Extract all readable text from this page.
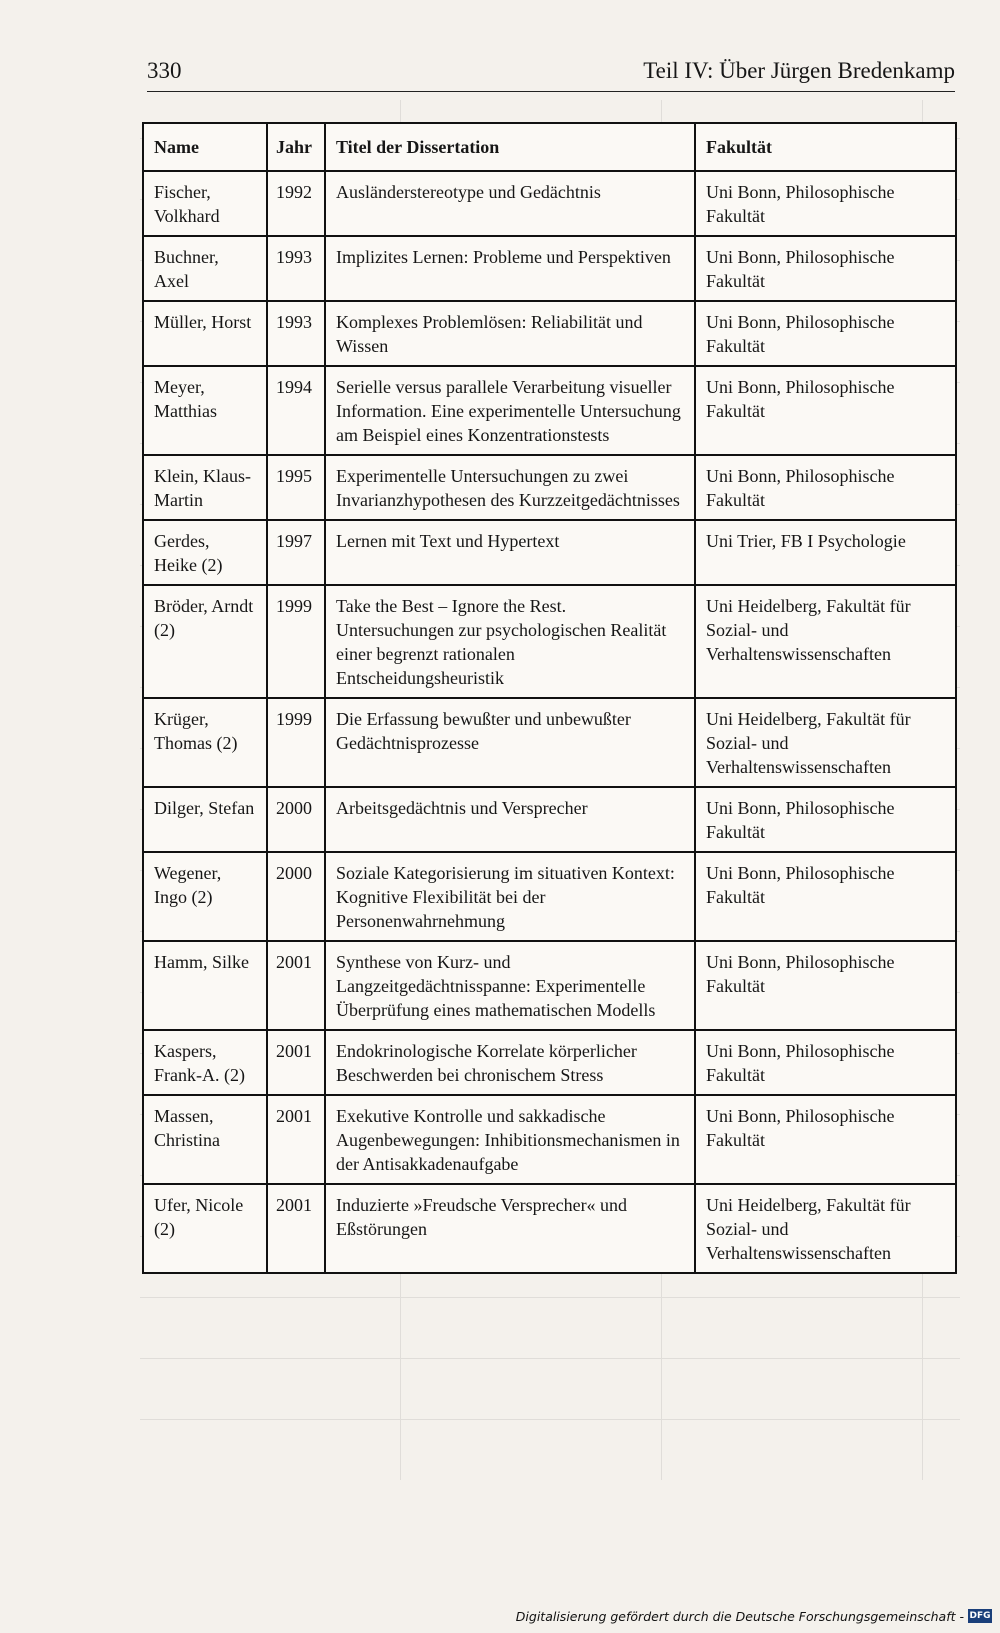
330	Teil IV: Über Jürgen Bredenkamp
Name	Jahr	Titel der Dissertation	Fakultät
Fischer, Volkhard	1992	Ausländerstereotype und Gedächtnis	Uni Bonn, Philosophische Fakultät
Buchner, Axel	1993	Implizites Lernen: Probleme und Perspektiven	Uni Bonn, Philosophische Fakultät
Müller, Horst	1993	Komplexes Problemlösen: Reliabilität und Wissen	Uni Bonn, Philosophische Fakultät
Meyer, Matthias	1994	Serielle versus parallele Verarbeitung visueller Information. Eine experimentelle Untersuchung am Beispiel eines Konzentrationstests	Uni Bonn, Philosophische Fakultät
Klein, Klaus-Martin	1995	Experimentelle Untersuchungen zu zwei Invarianzhypothesen des Kurzzeitgedächtnisses	Uni Bonn, Philosophische Fakultät
Gerdes, Heike (2)	1997	Lernen mit Text und Hypertext	Uni Trier, FB I Psychologie
Bröder, Arndt (2)	1999	Take the Best – Ignore the Rest. Untersuchungen zur psychologischen Realität einer begrenzt rationalen Entscheidungsheuristik	Uni Heidelberg, Fakultät für Sozial- und Verhaltenswissenschaften
Krüger, Thomas (2)	1999	Die Erfassung bewußter und unbewußter Gedächtnisprozesse	Uni Heidelberg, Fakultät für Sozial- und Verhaltenswissenschaften
Dilger, Stefan	2000	Arbeitsgedächtnis und Versprecher	Uni Bonn, Philosophische Fakultät
Wegener, Ingo (2)	2000	Soziale Kategorisierung im situativen Kontext: Kognitive Flexibilität bei der Personenwahrnehmung	Uni Bonn, Philosophische Fakultät
Hamm, Silke	2001	Synthese von Kurz- und Langzeitgedächtnisspanne: Experimentelle Überprüfung eines mathematischen Modells	Uni Bonn, Philosophische Fakultät
Kaspers, Frank-A. (2)	2001	Endokrinologische Korrelate körperlicher Beschwerden bei chronischem Stress	Uni Bonn, Philosophische Fakultät
Massen, Christina	2001	Exekutive Kontrolle und sakkadische Augenbewegungen: Inhibitionsmechanismen in der Antisakkadenaufgabe	Uni Bonn, Philosophische Fakultät
Ufer, Nicole (2)	2001	Induzierte »Freudsche Versprecher« und Eßstörungen	Uni Heidelberg, Fakultät für Sozial- und Verhaltenswissenschaften
Digitalisierung gefördert durch die Deutsche Forschungsgemeinschaft - DFG
